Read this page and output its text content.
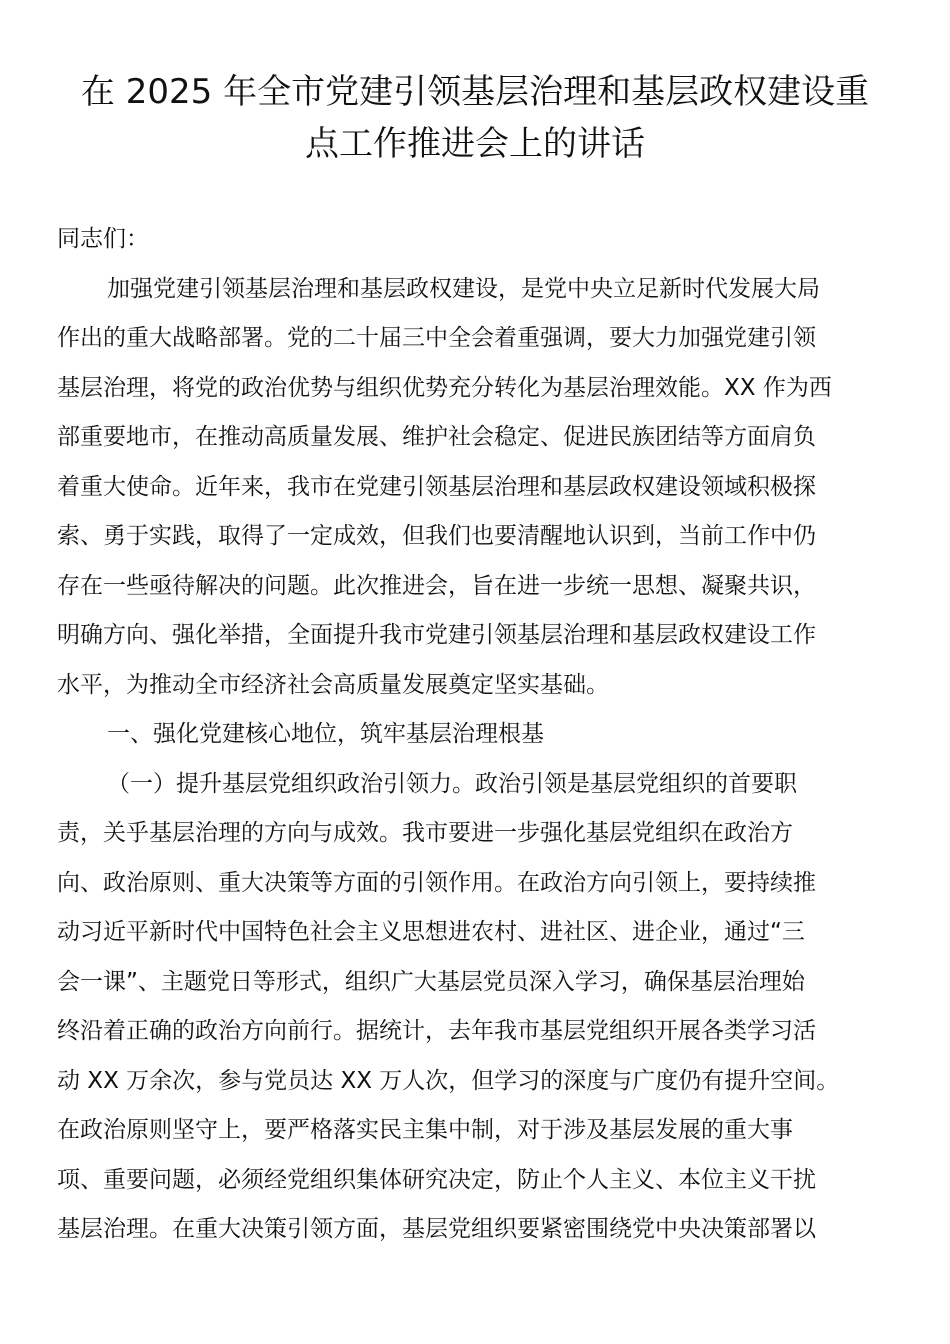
在 2025 年全市党建引领基层治理和基层政权建设重
点工作推进会上的讲话
同志们：
加强党建引领基层治理和基层政权建设，是党中央立足新时代发展大局
作出的重大战略部署。党的二十届三中全会着重强调，要大力加强党建引领
基层治理，将党的政治优势与组织优势充分转化为基层治理效能。XX 作为西
部重要地市，在推动高质量发展、维护社会稳定、促进民族团结等方面肩负
着重大使命。近年来，我市在党建引领基层治理和基层政权建设领域积极探
索、勇于实践，取得了一定成效，但我们也要清醒地认识到，当前工作中仍
存在一些亟待解决的问题。此次推进会，旨在进一步统一思想、凝聚共识，
明确方向、强化举措，全面提升我市党建引领基层治理和基层政权建设工作
水平，为推动全市经济社会高质量发展奠定坚实基础。
一、强化党建核心地位，筑牢基层治理根基
（一）提升基层党组织政治引领力。政治引领是基层党组织的首要职
责，关乎基层治理的方向与成效。我市要进一步强化基层党组织在政治方
向、政治原则、重大决策等方面的引领作用。在政治方向引领上，要持续推
动习近平新时代中国特色社会主义思想进农村、进社区、进企业，通过“三
会一课”、主题党日等形式，组织广大基层党员深入学习，确保基层治理始
终沿着正确的政治方向前行。据统计，去年我市基层党组织开展各类学习活
动 XX 万余次，参与党员达 XX 万人次，但学习的深度与广度仍有提升空间。
在政治原则坚守上，要严格落实民主集中制，对于涉及基层发展的重大事
项、重要问题，必须经党组织集体研究决定，防止个人主义、本位主义干扰
基层治理。在重大决策引领方面，基层党组织要紧密围绕党中央决策部署以
